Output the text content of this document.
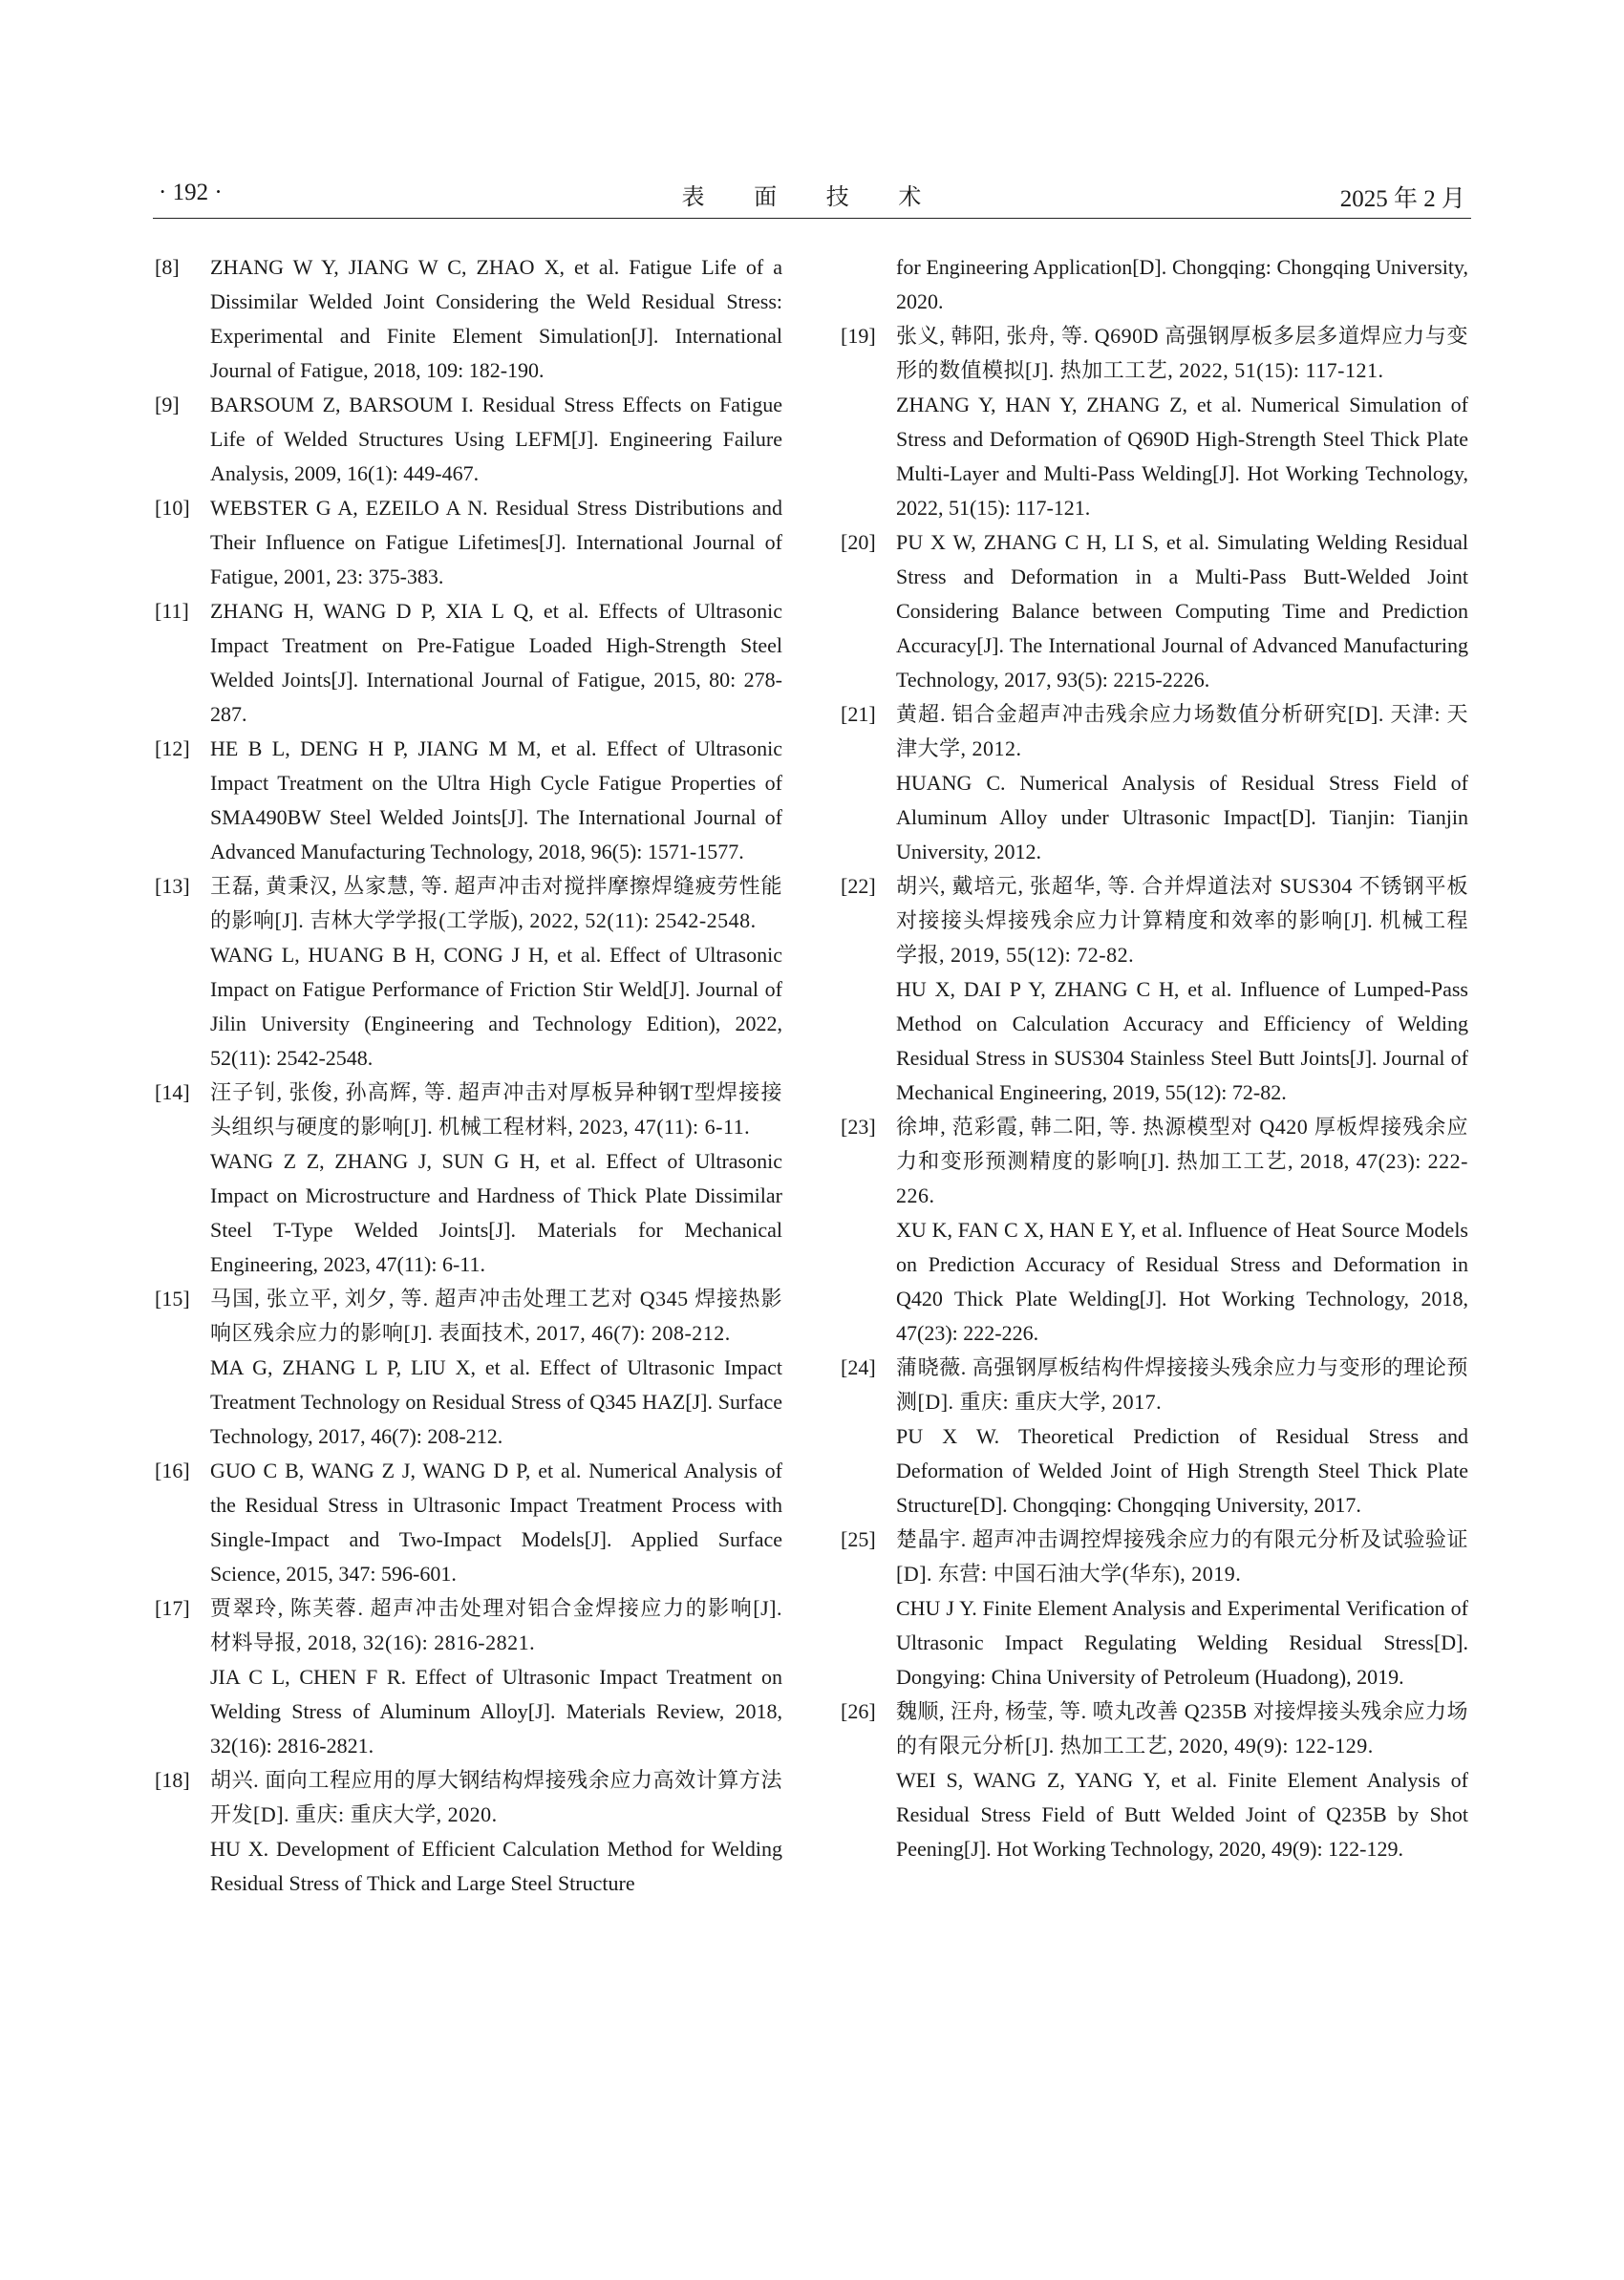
· 192 ·	表 面 技 术	2025 年 2 月
[8]	ZHANG W Y, JIANG W C, ZHAO X, et al. Fatigue Life of a Dissimilar Welded Joint Considering the Weld Residual Stress: Experimental and Finite Element Simulation[J]. International Journal of Fatigue, 2018, 109: 182-190.

[9]	BARSOUM Z, BARSOUM I. Residual Stress Effects on Fatigue Life of Welded Structures Using LEFM[J]. Engineering Failure Analysis, 2009, 16(1): 449-467.

[10] WEBSTER G A, EZEILO A N. Residual Stress Distributions and Their Influence on Fatigue Lifetimes[J]. International Journal of Fatigue, 2001, 23: 375-383.

[11]	ZHANG H, WANG D P, XIA L Q, et al. Effects of Ultrasonic Impact Treatment on Pre-Fatigue Loaded High-Strength Steel Welded Joints[J]. International Journal of Fatigue, 2015, 80: 278-287.

[12] HE B L, DENG H P, JIANG M M, et al. Effect of Ultrasonic Impact Treatment on the Ultra High Cycle Fatigue Properties of SMA490BW Steel Welded Joints[J]. The International Journal of Advanced Manufacturing Technology, 2018, 96(5): 1571-1577.

[13] 王磊, 黄秉汉, 丛家慧, 等. 超声冲击对搅拌摩擦焊缝疲劳性能的影响[J]. 吉林大学学报(工学版), 2022, 52(11): 2542-2548.

WANG L, HUANG B H, CONG J H, et al. Effect of Ultrasonic Impact on Fatigue Performance of Friction Stir Weld[J]. Journal of Jilin University (Engineering and Technology Edition), 2022, 52(11): 2542-2548.

[14] 汪子钊, 张俊, 孙高辉, 等. 超声冲击对厚板异种钢T型焊接接头组织与硬度的影响[J]. 机械工程材料, 2023, 47(11): 6-11.

WANG Z Z, ZHANG J, SUN G H, et al. Effect of Ultrasonic Impact on Microstructure and Hardness of Thick Plate Dissimilar Steel T-Type Welded Joints[J]. Materials for Mechanical Engineering, 2023, 47(11): 6-11.

[15] 马国, 张立平, 刘夕, 等. 超声冲击处理工艺对 Q345 焊接热影响区残余应力的影响[J]. 表面技术, 2017, 46(7): 208-212.

MA G, ZHANG L P, LIU X, et al. Effect of Ultrasonic Impact Treatment Technology on Residual Stress of Q345 HAZ[J]. Surface Technology, 2017, 46(7): 208-212.

[16] GUO C B, WANG Z J, WANG D P, et al. Numerical Analysis of the Residual Stress in Ultrasonic Impact Treatment Process with Single-Impact and Two-Impact Models[J]. Applied Surface Science, 2015, 347: 596-601.

[17] 贾翠玲, 陈芙蓉. 超声冲击处理对铝合金焊接应力的影响[J]. 材料导报, 2018, 32(16): 2816-2821.

JIA C L, CHEN F R. Effect of Ultrasonic Impact Treatment on Welding Stress of Aluminum Alloy[J]. Materials Review, 2018, 32(16): 2816-2821.

[18] 胡兴. 面向工程应用的厚大钢结构焊接残余应力高效计算方法开发[D]. 重庆: 重庆大学, 2020.

HU X. Development of Efficient Calculation Method for Welding Residual Stress of Thick and Large Steel Structure

for Engineering Application[D]. Chongqing: Chongqing University, 2020.

[19] 张义, 韩阳, 张舟, 等. Q690D 高强钢厚板多层多道焊应力与变形的数值模拟[J]. 热加工工艺, 2022, 51(15): 117-121.

ZHANG Y, HAN Y, ZHANG Z, et al. Numerical Simulation of Stress and Deformation of Q690D High-Strength Steel Thick Plate Multi-Layer and Multi-Pass Welding[J]. Hot Working Technology, 2022, 51(15): 117-121.

[20] PU X W, ZHANG C H, LI S, et al. Simulating Welding Residual Stress and Deformation in a Multi-Pass Butt-Welded Joint Considering Balance between Computing Time and Prediction Accuracy[J]. The International Journal of Advanced Manufacturing Technology, 2017, 93(5): 2215-2226.

[21] 黄超. 铝合金超声冲击残余应力场数值分析研究[D]. 天津: 天津大学, 2012.

HUANG C. Numerical Analysis of Residual Stress Field of Aluminum Alloy under Ultrasonic Impact[D]. Tianjin: Tianjin University, 2012.

[22] 胡兴, 戴培元, 张超华, 等. 合并焊道法对 SUS304 不锈钢平板对接接头焊接残余应力计算精度和效率的影响[J]. 机械工程学报, 2019, 55(12): 72-82.

HU X, DAI P Y, ZHANG C H, et al. Influence of Lumped-Pass Method on Calculation Accuracy and Efficiency of Welding Residual Stress in SUS304 Stainless Steel Butt Joints[J]. Journal of Mechanical Engineering, 2019, 55(12): 72-82.

[23] 徐坤, 范彩霞, 韩二阳, 等. 热源模型对 Q420 厚板焊接残余应力和变形预测精度的影响[J]. 热加工工艺, 2018, 47(23): 222-226.

XU K, FAN C X, HAN E Y, et al. Influence of Heat Source Models on Prediction Accuracy of Residual Stress and Deformation in Q420 Thick Plate Welding[J]. Hot Working Technology, 2018, 47(23): 222-226.

[24] 蒲晓薇. 高强钢厚板结构件焊接接头残余应力与变形的理论预测[D]. 重庆: 重庆大学, 2017.

PU X W. Theoretical Prediction of Residual Stress and Deformation of Welded Joint of High Strength Steel Thick Plate Structure[D]. Chongqing: Chongqing University, 2017.

[25] 楚晶宇. 超声冲击调控焊接残余应力的有限元分析及试验验证[D]. 东营: 中国石油大学(华东), 2019.

CHU J Y. Finite Element Analysis and Experimental Verification of Ultrasonic Impact Regulating Welding Residual Stress[D]. Dongying: China University of Petroleum (Huadong), 2019.

[26] 魏顺, 汪舟, 杨莹, 等. 喷丸改善 Q235B 对接焊接头残余应力场的有限元分析[J]. 热加工工艺, 2020, 49(9): 122-129.

WEI S, WANG Z, YANG Y, et al. Finite Element Analysis of Residual Stress Field of Butt Welded Joint of Q235B by Shot Peening[J]. Hot Working Technology, 2020, 49(9): 122-129.
